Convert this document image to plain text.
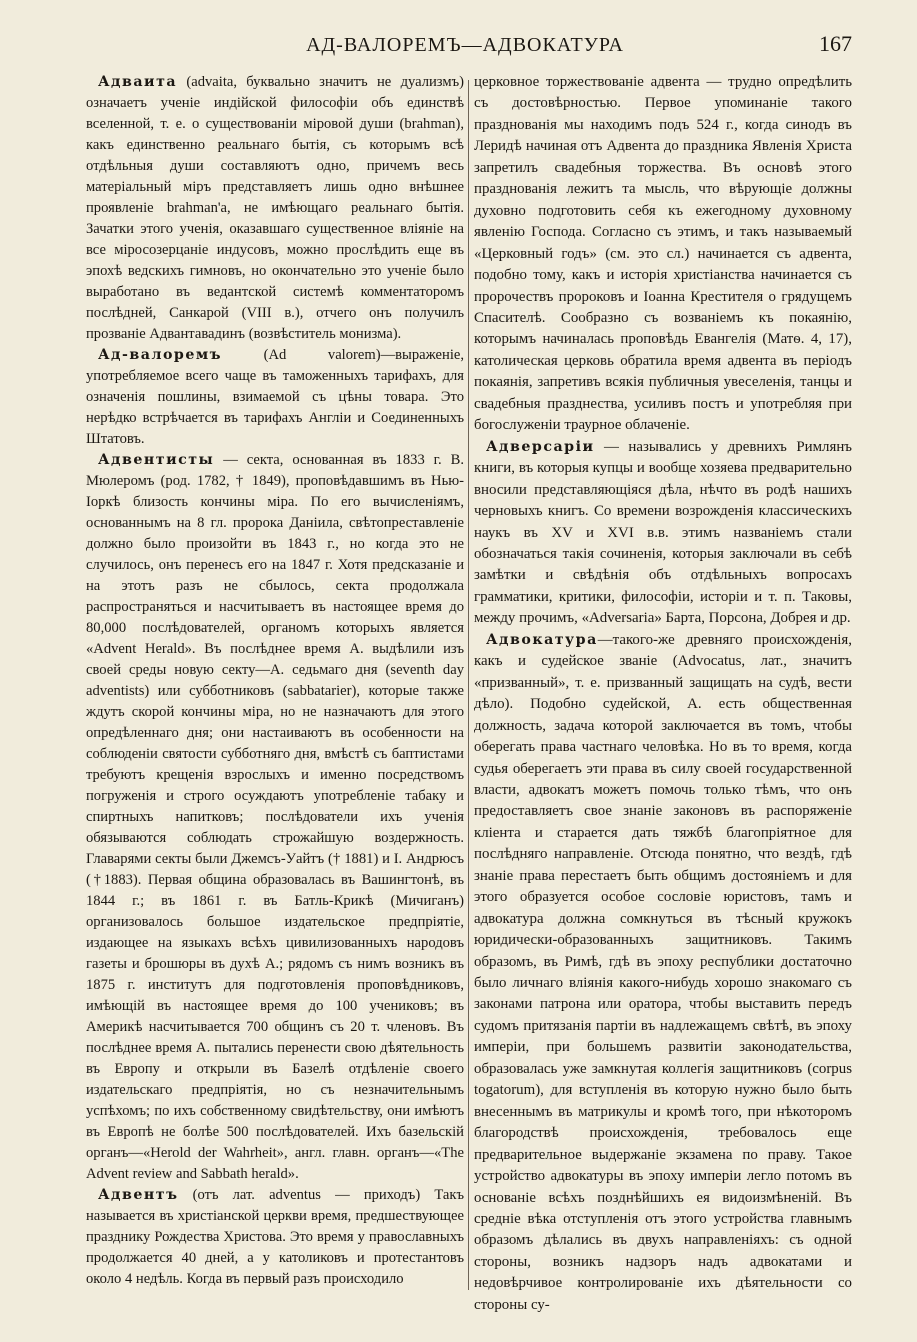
АД-ВАЛОРЕМЪ—АДВОКАТУРА	167

Адваита (advaita, буквально значитъ не дуализмъ) означаетъ ученіе индійской философіи объ единствѣ вселенной, т. е. о существованіи міровой души (brahman), какъ единственно реальнаго бытія, съ которымъ всѣ отдѣльныя души составляютъ одно, причемъ весь матеріальный міръ представляетъ лишь одно внѣшнее проявленіе brahman'a, не имѣющаго реальнаго бытія. Зачатки этого ученія, оказавшаго существенное вліяніе на все міросозерцаніе индусовъ, можно прослѣдить еще въ эпохѣ ведскихъ гимновъ, но окончательно это ученіе было выработано въ ведантской системѣ комментаторомъ послѣдней, Санкарой (VIII в.), отчего онъ получилъ прозваніе Адвантавадинъ (возвѣститель монизма).

Ад-валоремъ (Ad valorem)—выраженіе, употребляемое всего чаще въ таможенныхъ тарифахъ, для означенія пошлины, взимаемой съ цѣны товара. Это нерѣдко встрѣчается въ тарифахъ Англіи и Соединенныхъ Штатовъ.

Адвентисты — секта, основанная въ 1833 г. В. Мюлеромъ (род. 1782, † 1849), проповѣдавшимъ въ Нью-Іоркѣ близость кончины міра. По его вычисленіямъ, основаннымъ на 8 гл. пророка Даніила, свѣтопреставленіе должно было произойти въ 1843 г., но когда это не случилось, онъ перенесъ его на 1847 г. Хотя предсказаніе и на этотъ разъ не сбылось, секта продолжала распространяться и насчитываетъ въ настоящее время до 80,000 послѣдователей, органомъ которыхъ является «Advent Herald». Въ послѣднее время А. выдѣлили изъ своей среды новую секту—А. седьмаго дня (seventh day adventists) или субботниковъ (sabbatarier), которые также ждутъ скорой кончины міра, но не назначаютъ для этого опредѣленнаго дня; они настаиваютъ въ особенности на соблюденіи святости субботняго дня, вмѣстѣ съ баптистами требуютъ крещенія взрослыхъ и именно посредствомъ погруженія и строго осуждаютъ употребленіе табаку и спиртныхъ напитковъ; послѣдователи ихъ ученія обязываются соблюдать строжайшую воздержность. Главарями секты были Джемсъ-Уайтъ († 1881) и І. Андрюсъ (†1883). Первая община образовалась въ Вашингтонѣ, въ 1844 г.; въ 1861 г. въ Батль-Крикѣ (Мичиганъ) организовалось большое издательское предпріятіе, издающее на языкахъ всѣхъ цивилизованныхъ народовъ газеты и брошюры въ духѣ А.; рядомъ съ нимъ возникъ въ 1875 г. институтъ для подготовленія проповѣдниковъ, имѣющій въ настоящее время до 100 учениковъ; въ Америкѣ насчитывается 700 общинъ съ 20 т. членовъ. Въ послѣднее время А. пытались перенести свою дѣятельность въ Европу и открыли въ Базелѣ отдѣленіе своего издательскаго предпріятія, но съ незначительнымъ успѣхомъ; по ихъ собственному свидѣтельству, они имѣютъ въ Европѣ не болѣе 500 послѣдователей. Ихъ базельскій органъ—«Herold der Wahrheit», англ. главн. органъ—«The Advent review and Sabbath herald».

Адвентъ (отъ лат. adventus — приходъ) Такъ называется въ христіанской церкви время, предшествующее празднику Рождества Христова. Это время у православныхъ продолжается 40 дней, а у католиковъ и протестантовъ около 4 недѣль. Когда въ первый разъ происходило

церковное торжествованіе адвента — трудно опредѣлить съ достовѣрностью. Первое упоминаніе такого празднованія мы находимъ подъ 524 г., когда синодъ въ Леридѣ начиная отъ Адвента до праздника Явленія Христа запретилъ свадебныя торжества. Въ основѣ этого празднованія лежитъ та мысль, что вѣрующіе должны духовно подготовить себя къ ежегодному духовному явленію Господа. Согласно съ этимъ, и такъ называемый «Церковный годъ» (см. это сл.) начинается съ адвента, подобно тому, какъ и исторія христіанства начинается съ пророчествъ пророковъ и Іоанна Крестителя о грядущемъ Спасителѣ. Сообразно съ возваніемъ къ покаянію, которымъ начиналась проповѣдь Евангелія (Матѳ. 4, 17), католическая церковь обратила время адвента въ періодъ покаянія, запретивъ всякія публичныя увеселенія, танцы и свадебныя празднества, усиливъ постъ и употребляя при богослуженіи траурное облаченіе.

Адверсаріи — назывались у древнихъ Римлянъ книги, въ которыя купцы и вообще хозяева предварительно вносили представляющіяся дѣла, нѣчто въ родѣ нашихъ черновыхъ книгъ. Со времени возрожденія классическихъ наукъ въ XV и XVI в.в. этимъ названіемъ стали обозначаться такія сочиненія, которыя заключали въ себѣ замѣтки и свѣдѣнія объ отдѣльныхъ вопросахъ грамматики, критики, философіи, исторіи и т. п. Таковы, между прочимъ, «Adversaria» Барта, Порсона, Добрея и др.

Адвокатура—такого-же древняго происхожденія, какъ и судейское званіе (Advocatus, лат., значитъ «призванный», т. е. призванный защищать на судѣ, вести дѣло). Подобно судейской, А. есть общественная должность, задача которой заключается въ томъ, чтобы оберегать права частнаго человѣка. Но въ то время, когда судья оберегаетъ эти права въ силу своей государственной власти, адвокатъ можетъ помочь только тѣмъ, что онъ предоставляетъ свое знаніе законовъ въ распоряженіе кліента и старается дать тяжбѣ благопріятное для послѣдняго направленіе. Отсюда понятно, что вездѣ, гдѣ знаніе права перестаетъ быть общимъ достояніемъ и для этого образуется особое сословіе юристовъ, тамъ и адвокатура должна сомкнуться въ тѣсный кружокъ юридически-образованныхъ защитниковъ. Такимъ образомъ, въ Римѣ, гдѣ въ эпоху республики достаточно было личнаго вліянія какого-нибудь хорошо знакомаго съ законами патрона или оратора, чтобы выставить передъ судомъ притязанія партіи въ надлежащемъ свѣтѣ, въ эпоху имперіи, при большемъ развитіи законодательства, образовалась уже замкнутая коллегія защитниковъ (corpus togatorum), для вступленія въ которую нужно было быть внесеннымъ въ матрикулы и кромѣ того, при нѣкоторомъ благородствѣ происхожденія, требовалось еще предварительное выдержаніе экзамена по праву. Такое устройство адвокатуры въ эпоху имперіи легло потомъ въ основаніе всѣхъ позднѣйшихъ ея видоизмѣненій. Въ средніе вѣка отступленія отъ этого устройства главнымъ образомъ дѣлались въ двухъ направленіяхъ: съ одной стороны, возникъ надзоръ надъ адвокатами и недовѣрчивое контролированіе ихъ дѣятельности со стороны су-
